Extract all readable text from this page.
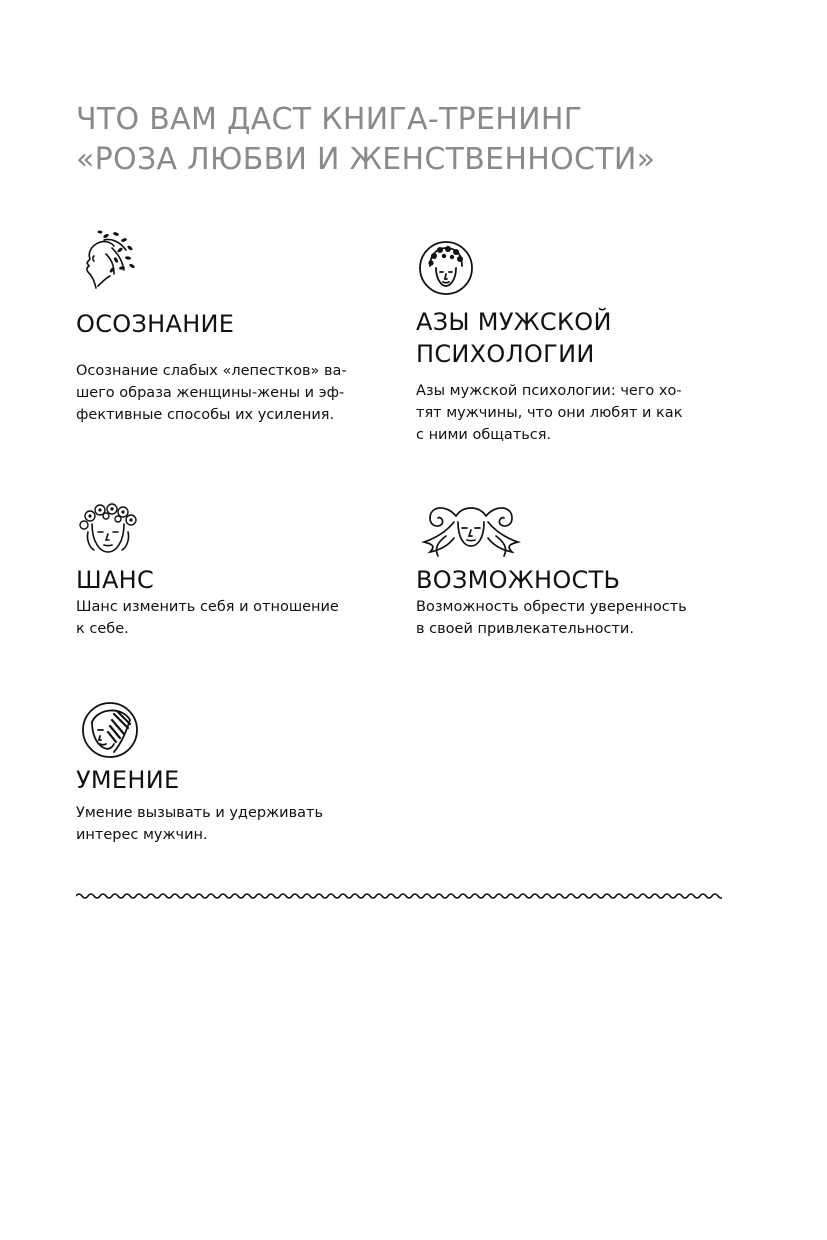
ЧТО ВАМ ДАСТ КНИГА-ТРЕНИНГ
«РОЗА ЛЮБВИ И ЖЕНСТВЕННОСТИ»
ОСОЗНАНИЕ
Осознание слабых «лепестков» ва-
шего образа женщины-жены и эф-
фективные способы их усиления.
АЗЫ МУЖСКОЙ
ПСИХОЛОГИИ
Азы мужской психологии: чего хо-
тят мужчины, что они любят и как
с ними общаться.
ШАНС
Шанс изменить себя и отношение
к себе.
ВОЗМОЖНОСТЬ
Возможность обрести уверенность
в своей привлекательности.
УМЕНИЕ
Умение вызывать и удерживать
интерес мужчин.
